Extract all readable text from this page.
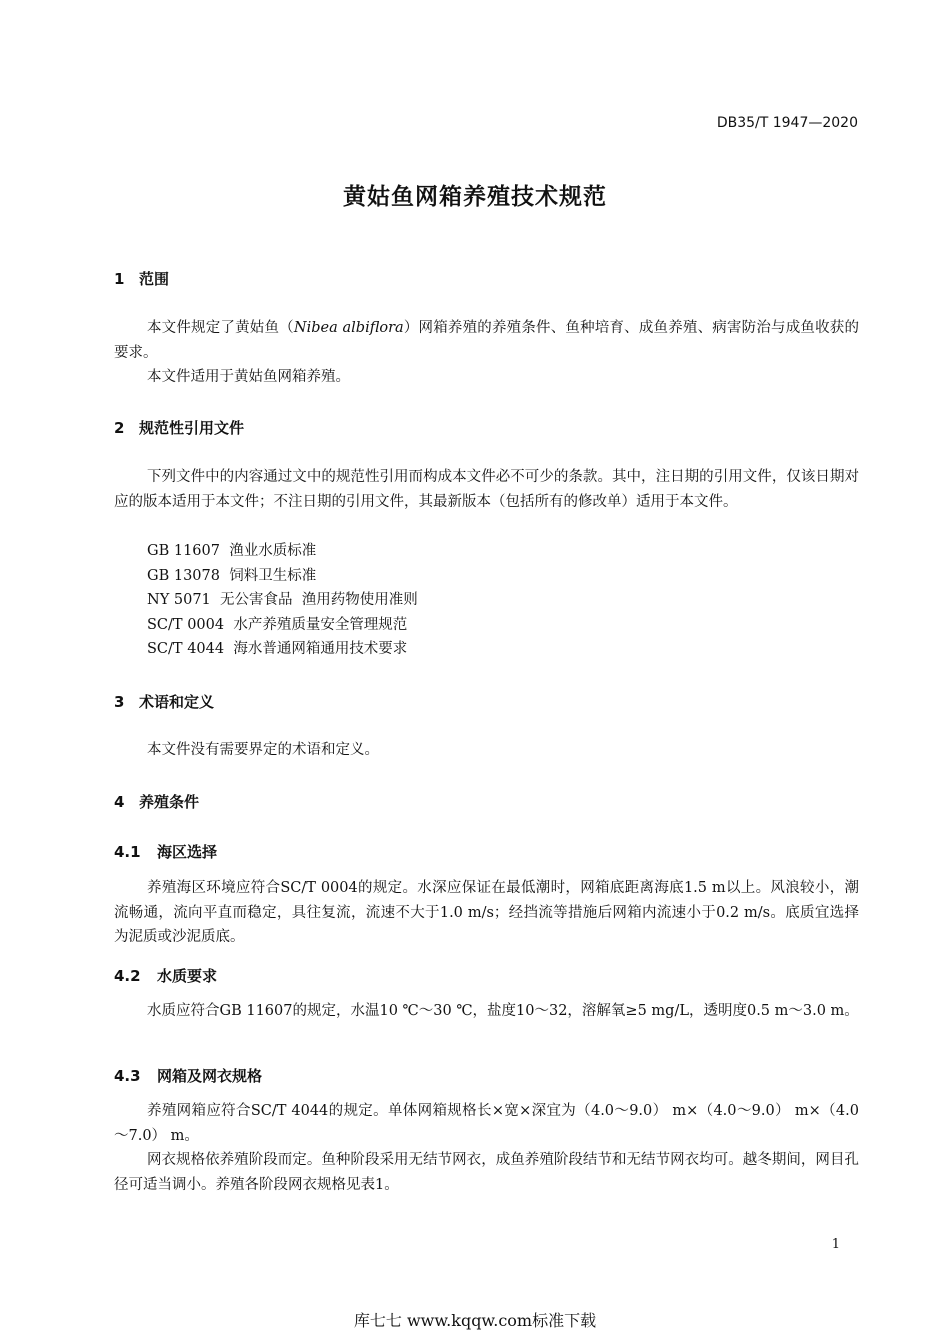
DB35/T 1947—2020
黄姑鱼网箱养殖技术规范
1 范围

本文件规定了黄姑鱼（Nibea albiflora）网箱养殖的养殖条件、鱼种培育、成鱼养殖、病害防治与成鱼收获的要求。

本文件适用于黄姑鱼网箱养殖。

2 规范性引用文件

下列文件中的内容通过文中的规范性引用而构成本文件必不可少的条款。其中，注日期的引用文件，仅该日期对应的版本适用于本文件；不注日期的引用文件，其最新版本（包括所有的修改单）适用于本文件。

GB 11607  渔业水质标准
GB 13078  饲料卫生标准
NY 5071  无公害食品  渔用药物使用准则
SC/T 0004  水产养殖质量安全管理规范
SC/T 4044  海水普通网箱通用技术要求
3 术语和定义

本文件没有需要界定的术语和定义。

4 养殖条件
4.1 海区选择

养殖海区环境应符合SC/T 0004的规定。水深应保证在最低潮时，网箱底距离海底1.5 m以上。风浪较小，潮流畅通，流向平直而稳定，具往复流，流速不大于1.0 m/s；经挡流等措施后网箱内流速小于0.2 m/s。底质宜选择为泥质或沙泥质底。

4.2 水质要求

水质应符合GB 11607的规定，水温10 ℃～30 ℃，盐度10～32，溶解氧≥5 mg/L，透明度0.5 m～3.0 m。

4.3 网箱及网衣规格

养殖网箱应符合SC/T 4044的规定。单体网箱规格长×宽×深宜为（4.0～9.0） m×（4.0～9.0） m×（4.0～7.0） m。

网衣规格依养殖阶段而定。鱼种阶段采用无结节网衣，成鱼养殖阶段结节和无结节网衣均可。越冬期间，网目孔径可适当调小。养殖各阶段网衣规格见表1。

1
库七七 www.kqqw.com标准下载
